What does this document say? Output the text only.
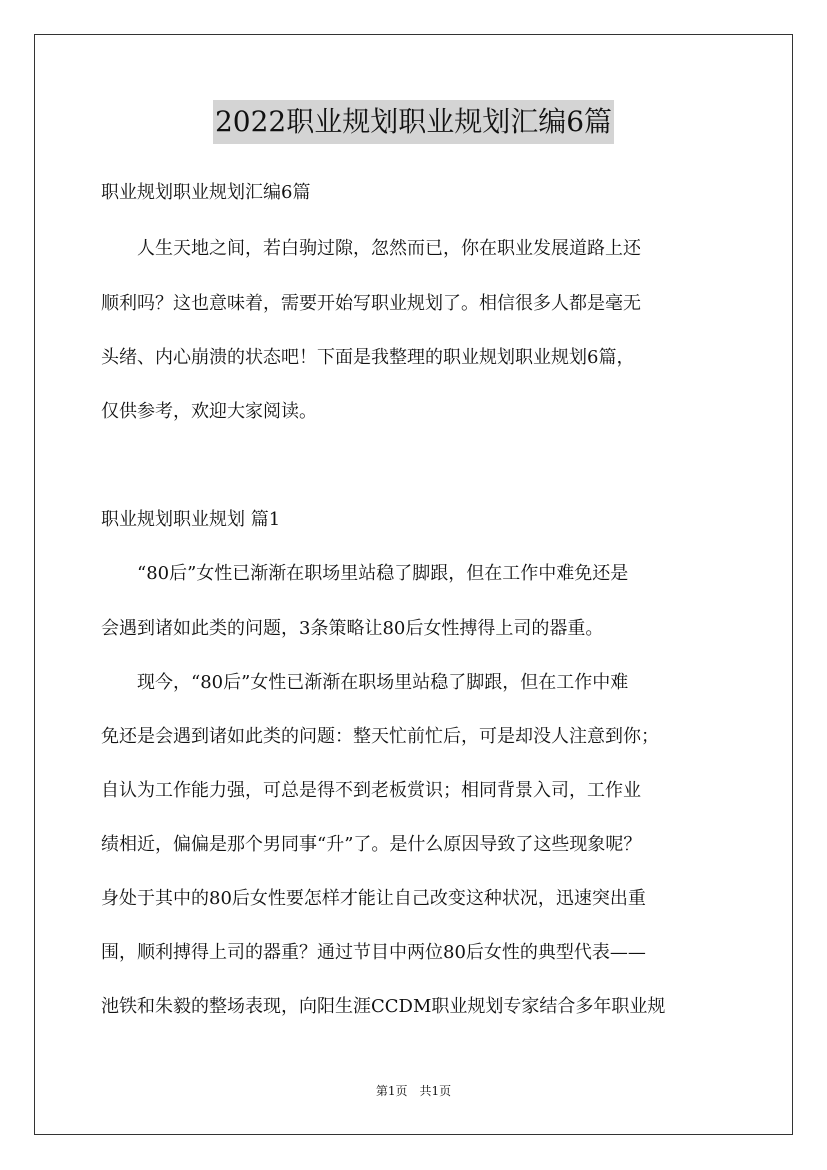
2022职业规划职业规划汇编6篇
职业规划职业规划汇编6篇
　　人生天地之间，若白驹过隙，忽然而已，你在职业发展道路上还
顺利吗？这也意味着，需要开始写职业规划了。相信很多人都是毫无
头绪、内心崩溃的状态吧！下面是我整理的职业规划职业规划6篇，
仅供参考，欢迎大家阅读。
职业规划职业规划 篇1
　　“80后”女性已渐渐在职场里站稳了脚跟，但在工作中难免还是
会遇到诸如此类的问题，3条策略让80后女性搏得上司的器重。
　　现今，“80后”女性已渐渐在职场里站稳了脚跟，但在工作中难
免还是会遇到诸如此类的问题：整天忙前忙后，可是却没人注意到你；
自认为工作能力强，可总是得不到老板赏识；相同背景入司，工作业
绩相近，偏偏是那个男同事“升”了。是什么原因导致了这些现象呢？
身处于其中的80后女性要怎样才能让自己改变这种状况，迅速突出重
围，顺利搏得上司的器重？通过节目中两位80后女性的典型代表——
池铁和朱毅的整场表现，向阳生涯CCDM职业规划专家结合多年职业规
第1页　共1页
